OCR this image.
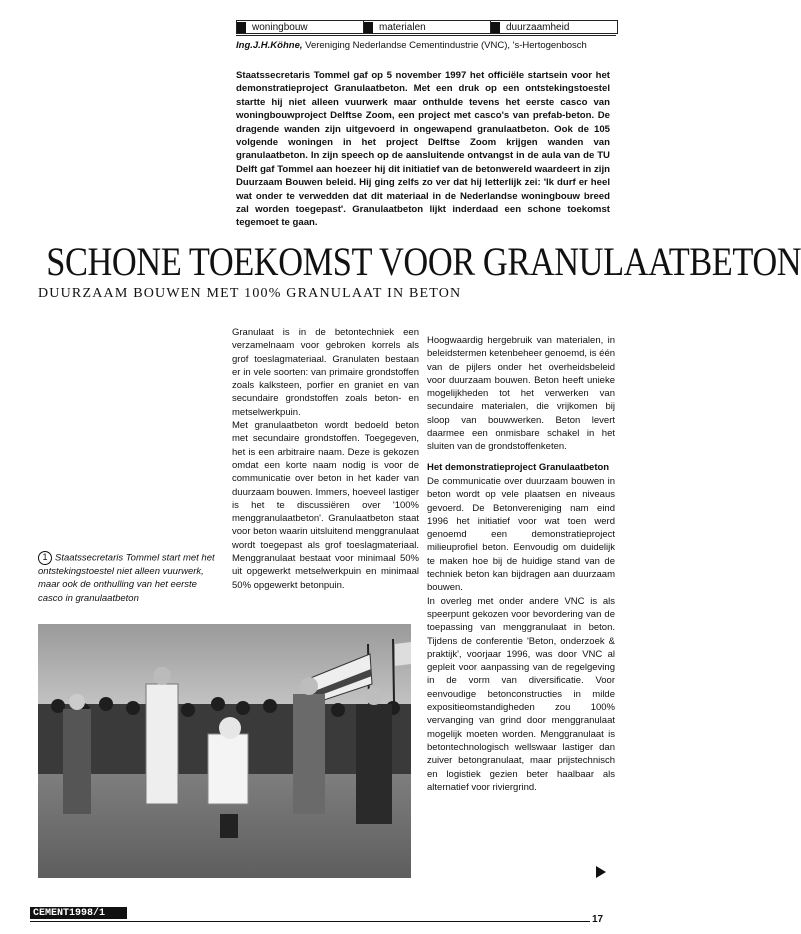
woningbouw	materialen	duurzaamheid
Ing.J.H.Köhne, Vereniging Nederlandse Cementindustrie (VNC), 's-Hertogenbosch
Staatssecretaris Tommel gaf op 5 november 1997 het officiële startsein voor het demonstratieproject Granulaatbeton. Met een druk op een ontstekingstoestel startte hij niet alleen vuurwerk maar onthulde tevens het eerste casco van woningbouwproject Delftse Zoom, een project met casco's van prefab-beton. De dragende wanden zijn uitgevoerd in ongewapend granulaatbeton. Ook de 105 volgende woningen in het project Delftse Zoom krijgen wanden van granulaatbeton. In zijn speech op de aansluitende ontvangst in de aula van de TU Delft gaf Tommel aan hoezeer hij dit initiatief van de betonwereld waardeert in zijn Duurzaam Bouwen beleid. Hij ging zelfs zo ver dat hij letterlijk zei: 'Ik durf er heel wat onder te verwedden dat dit materiaal in de Nederlandse woningbouw breed zal worden toegepast'. Granulaatbeton lijkt inderdaad een schone toekomst tegemoet te gaan.
SCHONE TOEKOMST VOOR GRANULAATBETON
DUURZAAM BOUWEN MET 100% GRANULAAT IN BETON

Granulaat is in de betontechniek een verzamelnaam voor gebroken korrels als grof toeslagmateriaal. Granulaten bestaan er in vele soorten: van primaire grondstoffen zoals kalksteen, porfier en graniet en van secundaire grondstoffen zoals beton- en metselwerkpuin.

Met granulaatbeton wordt bedoeld beton met secundaire grondstoffen. Toegegeven, het is een arbitraire naam. Deze is gekozen omdat een korte naam nodig is voor de communicatie over beton in het kader van duurzaam bouwen. Immers, hoeveel lastiger is het te discussiëren over '100% menggranulaatbeton'. Granulaatbeton staat voor beton waarin uitsluitend menggranulaat wordt toegepast als grof toeslagmateriaal. Menggranulaat bestaat voor minimaal 50% uit opgewerkt metselwerkpuin en minimaal 50% opgewerkt betonpuin.

Hoogwaardig hergebruik van materialen, in beleidstermen ketenbeheer genoemd, is één van de pijlers onder het overheidsbeleid voor duurzaam bouwen. Beton heeft unieke mogelijkheden tot het verwerken van secundaire materialen, die vrijkomen bij sloop van bouwwerken. Beton levert daarmee een onmisbare schakel in het sluiten van de grondstoffenketen.

Het demonstratieproject Granulaatbeton

De communicatie over duurzaam bouwen in beton wordt op vele plaatsen en niveaus gevoerd. De Betonvereniging nam eind 1996 het initiatief voor wat toen werd genoemd een demonstratieproject milieuprofiel beton. Eenvoudig om duidelijk te maken hoe bij de huidige stand van de techniek beton kan bijdragen aan duurzaam bouwen.

In overleg met onder andere VNC is als speerpunt gekozen voor bevordering van de toepassing van menggranulaat in beton. Tijdens de conferentie 'Beton, onderzoek & praktijk', voorjaar 1996, was door VNC al gepleit voor aanpassing van de regelgeving in de vorm van diversificatie. Voor eenvoudige betonconstructies in milde expositieomstandigheden zou 100% vervanging van grind door menggranulaat mogelijk moeten worden. Menggranulaat is betontechnologisch wellswaar lastiger dan zuiver betongranulaat, maar prijstechnisch en logistiek gezien beter haalbaar als alternatief voor riviergrind.

1 Staatssecretaris Tommel start met het ontstekingstoestel niet alleen vuurwerk, maar ook de onthulling van het eerste casco in granulaatbeton
CEMENT1998/1
17
